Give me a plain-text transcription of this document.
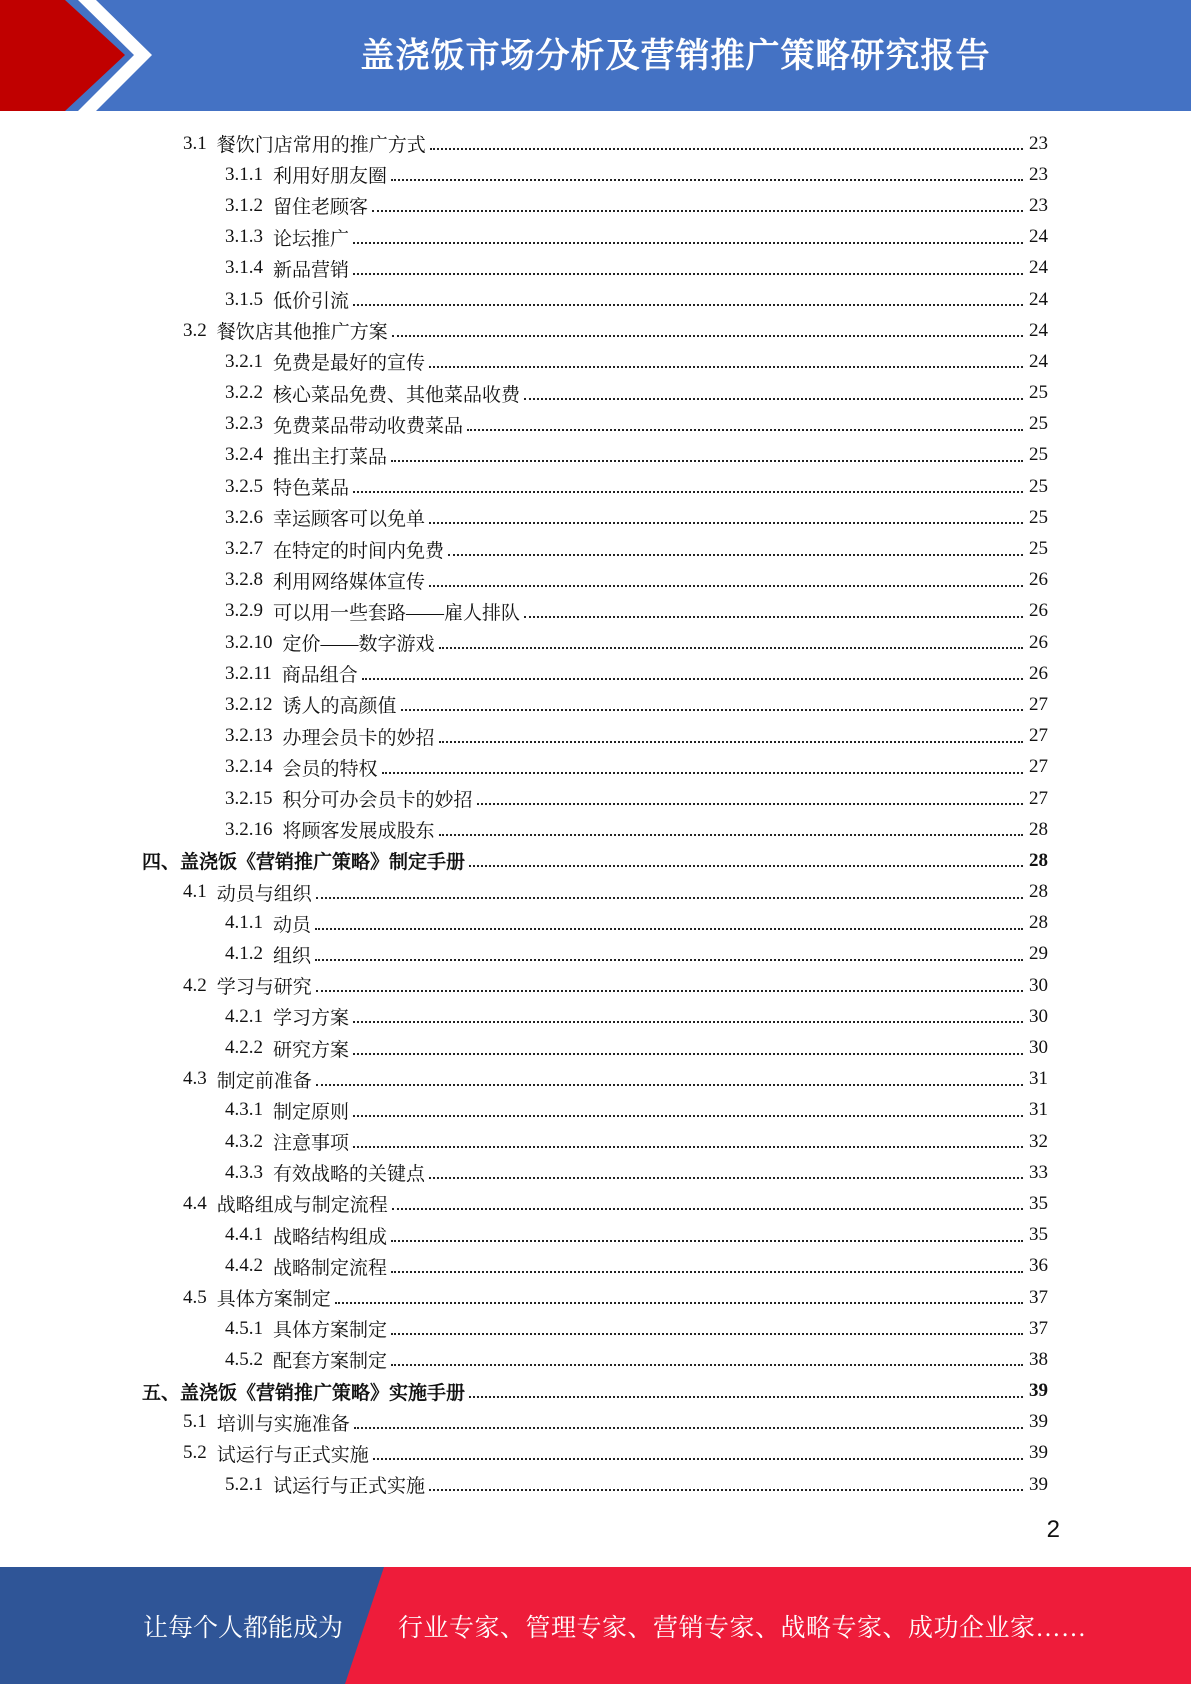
盖浇饭市场分析及营销推广策略研究报告
3.1 餐饮门店常用的推广方式	23
3.1.1 利用好朋友圈	23
3.1.2 留住老顾客	23
3.1.3 论坛推广	24
3.1.4 新品营销	24
3.1.5 低价引流	24
3.2 餐饮店其他推广方案	24
3.2.1 免费是最好的宣传	24
3.2.2 核心菜品免费、其他菜品收费	25
3.2.3 免费菜品带动收费菜品	25
3.2.4 推出主打菜品	25
3.2.5 特色菜品	25
3.2.6 幸运顾客可以免单	25
3.2.7 在特定的时间内免费	25
3.2.8 利用网络媒体宣传	26
3.2.9 可以用一些套路——雇人排队	26
3.2.10 定价——数字游戏	26
3.2.11 商品组合	26
3.2.12 诱人的高颜值	27
3.2.13 办理会员卡的妙招	27
3.2.14 会员的特权	27
3.2.15 积分可办会员卡的妙招	27
3.2.16 将顾客发展成股东	28
四、盖浇饭《营销推广策略》制定手册	28
4.1 动员与组织	28
4.1.1 动员	28
4.1.2 组织	29
4.2 学习与研究	30
4.2.1 学习方案	30
4.2.2 研究方案	30
4.3 制定前准备	31
4.3.1 制定原则	31
4.3.2 注意事项	32
4.3.3 有效战略的关键点	33
4.4 战略组成与制定流程	35
4.4.1 战略结构组成	35
4.4.2 战略制定流程	36
4.5 具体方案制定	37
4.5.1 具体方案制定	37
4.5.2 配套方案制定	38
五、盖浇饭《营销推广策略》实施手册	39
5.1 培训与实施准备	39
5.2 试运行与正式实施	39
5.2.1 试运行与正式实施	39
2
让每个人都能成为 行业专家、管理专家、营销专家、战略专家、成功企业家……
